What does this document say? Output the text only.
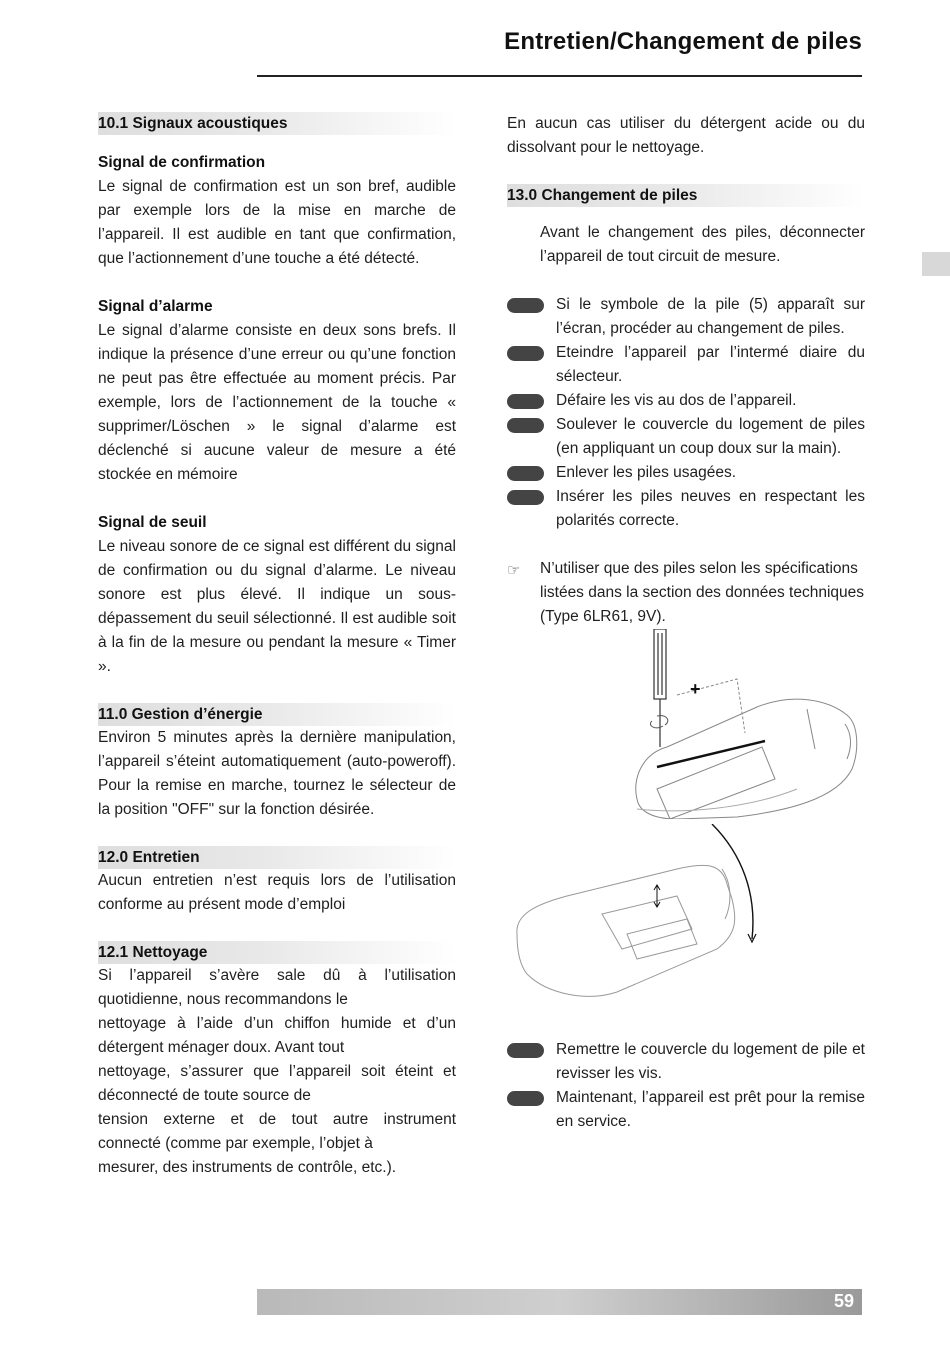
Entretien/Changement de piles
10.1 Signaux acoustiques
Signal de confirmation

Le signal de confirmation est un son bref, audible par exemple lors de la mise en marche de l’appareil. Il est audible en tant que confirmation, que l’actionnement d’une touche a été détecté.

Signal d’alarme

Le signal d’alarme consiste en deux sons brefs. Il indique la présence d’une erreur ou qu’une fonction ne peut pas être effectuée au moment précis. Par exemple, lors de l’actionnement de la touche « supprimer/Löschen » le signal d’alarme est déclenché si aucune valeur de mesure a été stockée en mémoire

Signal de seuil

Le niveau sonore de ce signal est différent du signal de confirmation ou du signal d’alarme. Le niveau sonore est plus élevé. Il indique un sous-dépassement du seuil sélectionné. Il est audible soit à la fin de la mesure ou pendant la mesure « Timer ».

11.0 Gestion d’énergie

Environ 5 minutes après la dernière manipulation, l’appareil s’éteint automatiquement (auto-poweroff). Pour la remise en marche, tournez le sélecteur de la position "OFF" sur la fonction désirée.

12.0 Entretien

Aucun entretien n’est requis lors de l’utilisation conforme au présent mode d’emploi

12.1 Nettoyage

Si l’appareil s’avère sale dû à l’utilisation quotidienne, nous recommandons le

nettoyage à l’aide d’un chiffon humide et d’un détergent ménager doux. Avant tout

nettoyage, s’assurer que l’appareil soit éteint et déconnecté de toute source de

tension externe et de tout autre instrument connecté (comme par exemple, l’objet à

mesurer, des instruments de contrôle, etc.).

En aucun cas utiliser du détergent acide ou du dissolvant pour le nettoyage.

13.0 Changement de piles
Avant le changement des piles, déconnecter l’appareil de tout circuit de mesure.
Si le symbole de la pile (5) apparaît sur l’écran, procéder au changement de piles.
Eteindre l’appareil par l’intermé diaire du sélecteur.
Défaire les vis au dos de l’appareil.
Soulever le couvercle du logement de piles (en appliquant un coup doux sur la main).
Enlever les piles usagées.
Insérer les piles neuves en respectant les polarités correcte.
☞ N’utiliser que des piles selon les spécifications listées dans la section des données techniques (Type 6LR61, 9V).
+
Remettre le couvercle du logement de pile et revisser les vis.
Maintenant, l’appareil est prêt pour la remise en service.
59
